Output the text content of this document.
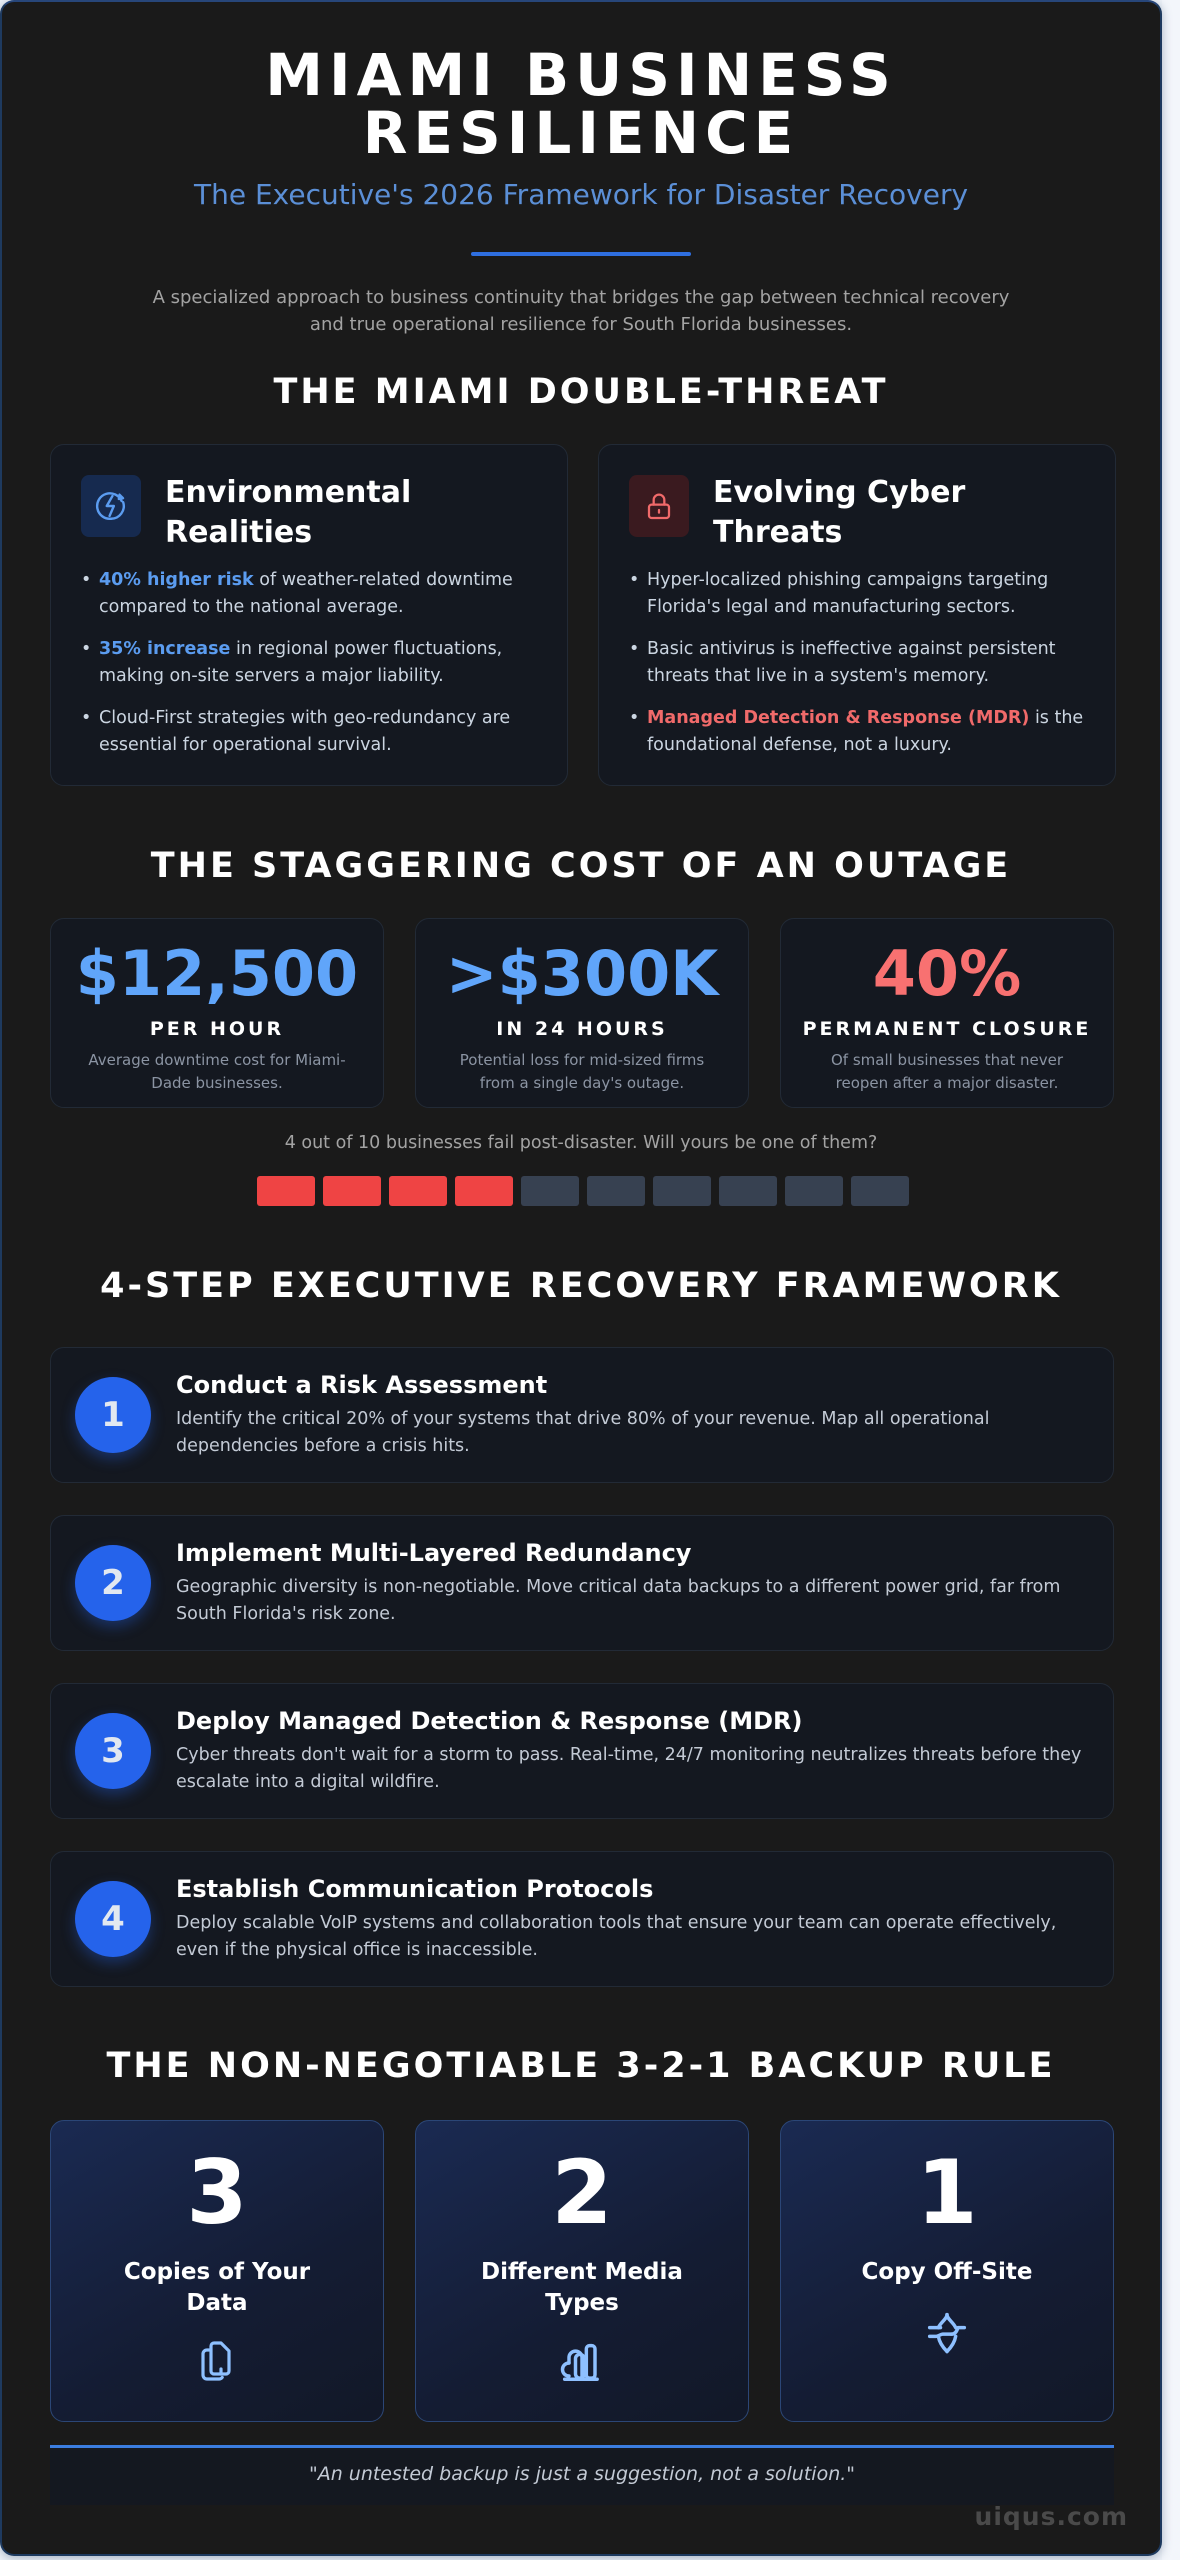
MIAMI BUSINESS
RESILIENCE
The Executive's 2026 Framework for Disaster Recovery
A specialized approach to business continuity that bridges the gap between technical recovery
and true operational resilience for South Florida businesses.
THE MIAMI DOUBLE-THREAT
Environmental
Realities
• 40% higher risk of weather-related downtime compared to the national average.
• 35% increase in regional power fluctuations, making on-site servers a major liability.
• Cloud-First strategies with geo-redundancy are essential for operational survival.
Evolving Cyber
Threats
• Hyper-localized phishing campaigns targeting Florida's legal and manufacturing sectors.
• Basic antivirus is ineffective against persistent threats that live in a system's memory.
• Managed Detection & Response (MDR) is the foundational defense, not a luxury.
THE STAGGERING COST OF AN OUTAGE
$12,500
PER HOUR
Average downtime cost for Miami-Dade businesses.
>$300K
IN 24 HOURS
Potential loss for mid-sized firms from a single day's outage.
40%
PERMANENT CLOSURE
Of small businesses that never reopen after a major disaster.
4 out of 10 businesses fail post-disaster. Will yours be one of them?
4-STEP EXECUTIVE RECOVERY FRAMEWORK
1
Conduct a Risk Assessment
Identify the critical 20% of your systems that drive 80% of your revenue. Map all operational dependencies before a crisis hits.
2
Implement Multi-Layered Redundancy
Geographic diversity is non-negotiable. Move critical data backups to a different power grid, far from South Florida's risk zone.
3
Deploy Managed Detection & Response (MDR)
Cyber threats don't wait for a storm to pass. Real-time, 24/7 monitoring neutralizes threats before they escalate into a digital wildfire.
4
Establish Communication Protocols
Deploy scalable VoIP systems and collaboration tools that ensure your team can operate effectively, even if the physical office is inaccessible.
THE NON-NEGOTIABLE 3-2-1 BACKUP RULE
3
Copies of Your Data
2
Different Media Types
1
Copy Off-Site
"An untested backup is just a suggestion, not a solution."
uiqus.com
